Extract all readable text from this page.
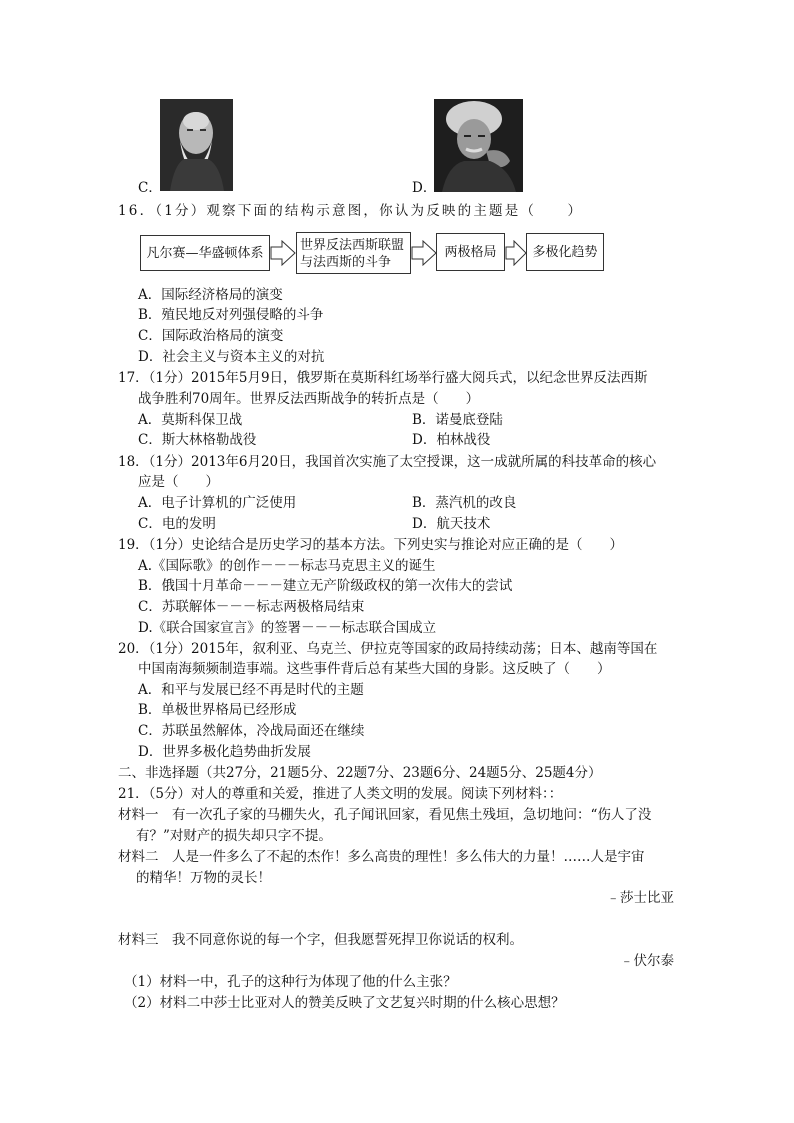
C．	D．
16．（1分）观察下面的结构示意图，你认为反映的主题是（　　）
凡尔赛—华盛顿体系	世界反法西斯联盟
与法西斯的斗争
两极格局	多极化趋势
A．国际经济格局的演变
B．殖民地反对列强侵略的斗争
C．国际政治格局的演变
D．社会主义与资本主义的对抗
17．（1分）2015年5月9日，俄罗斯在莫斯科红场举行盛大阅兵式，以纪念世界反法西斯
战争胜利70周年。世界反法西斯战争的转折点是（　　）
A．莫斯科保卫战	B．诺曼底登陆
C．斯大林格勒战役	D．柏林战役
18．（1分）2013年6月20日，我国首次实施了太空授课，这一成就所属的科技革命的核心
应是（　　）
A．电子计算机的广泛使用	B．蒸汽机的改良
C．电的发明	D．航天技术
19．（1分）史论结合是历史学习的基本方法。下列史实与推论对应正确的是（　　）
A.《国际歌》的创作－－－标志马克思主义的诞生
B．俄国十月革命－－－建立无产阶级政权的第一次伟大的尝试
C．苏联解体－－－标志两极格局结束
D.《联合国家宣言》的签署－－－标志联合国成立
20．（1分）2015年，叙利亚、乌克兰、伊拉克等国家的政局持续动荡；日本、越南等国在
中国南海频频制造事端。这些事件背后总有某些大国的身影。这反映了（　　）
A．和平与发展已经不再是时代的主题
B．单极世界格局已经形成
C．苏联虽然解体，冷战局面还在继续
D．世界多极化趋势曲折发展
二、非选择题（共27分，21题5分、22题7分、23题6分、24题5分、25题4分）
21．（5分）对人的尊重和关爱，推进了人类文明的发展。阅读下列材料：：
材料一　有一次孔子家的马棚失火，孔子闻讯回家，看见焦土残垣，急切地问：“伤人了没
有？”对财产的损失却只字不提。
材料二　人是一件多么了不起的杰作！多么高贵的理性！多么伟大的力量！……人是宇宙
的精华！万物的灵长！
﹣莎士比亚
材料三　我不同意你说的每一个字，但我愿誓死捍卫你说话的权利。
﹣伏尔泰
（1）材料一中，孔子的这种行为体现了他的什么主张？
（2）材料二中莎士比亚对人的赞美反映了文艺复兴时期的什么核心思想？
